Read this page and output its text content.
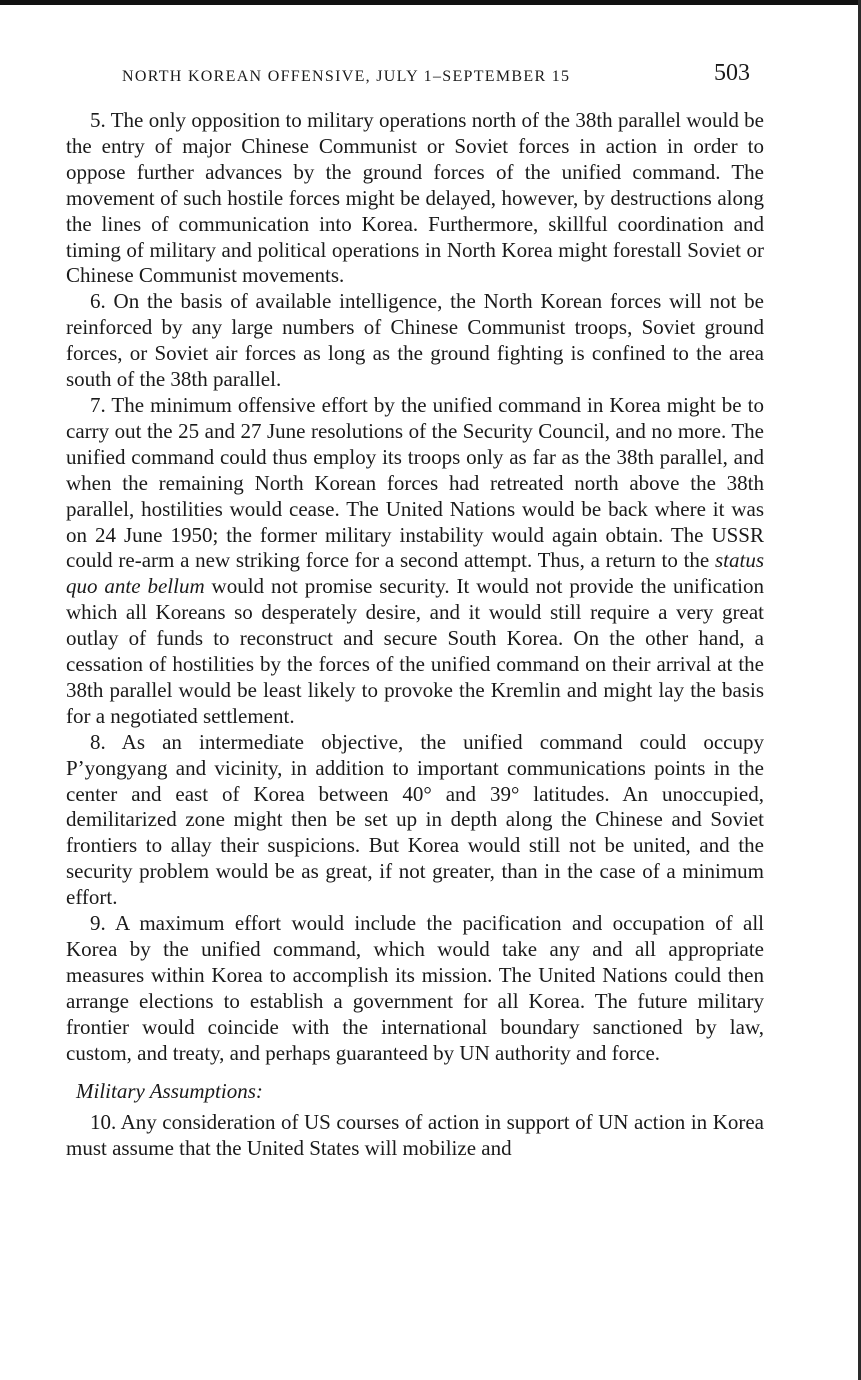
NORTH KOREAN OFFENSIVE, JULY 1–SEPTEMBER 15	503

5. The only opposition to military operations north of the 38th parallel would be the entry of major Chinese Communist or Soviet forces in action in order to oppose further advances by the ground forces of the unified command. The movement of such hostile forces might be delayed, however, by destructions along the lines of communication into Korea. Furthermore, skillful coordination and timing of military and political operations in North Korea might forestall Soviet or Chinese Communist movements.

6. On the basis of available intelligence, the North Korean forces will not be reinforced by any large numbers of Chinese Communist troops, Soviet ground forces, or Soviet air forces as long as the ground fighting is confined to the area south of the 38th parallel.

7. The minimum offensive effort by the unified command in Korea might be to carry out the 25 and 27 June resolutions of the Security Council, and no more. The unified command could thus employ its troops only as far as the 38th parallel, and when the remaining North Korean forces had retreated north above the 38th parallel, hostilities would cease. The United Nations would be back where it was on 24 June 1950; the former military instability would again obtain. The USSR could re-arm a new striking force for a second attempt. Thus, a return to the status quo ante bellum would not promise security. It would not provide the unification which all Koreans so desperately desire, and it would still require a very great outlay of funds to reconstruct and secure South Korea. On the other hand, a cessation of hostilities by the forces of the unified command on their arrival at the 38th parallel would be least likely to provoke the Kremlin and might lay the basis for a negotiated settlement.

8. As an intermediate objective, the unified command could occupy P’yongyang and vicinity, in addition to important communications points in the center and east of Korea between 40° and 39° latitudes. An unoccupied, demilitarized zone might then be set up in depth along the Chinese and Soviet frontiers to allay their suspicions. But Korea would still not be united, and the security problem would be as great, if not greater, than in the case of a minimum effort.

9. A maximum effort would include the pacification and occupation of all Korea by the unified command, which would take any and all appropriate measures within Korea to accomplish its mission. The United Nations could then arrange elections to establish a government for all Korea. The future military frontier would coincide with the international boundary sanctioned by law, custom, and treaty, and perhaps guaranteed by UN authority and force.

Military Assumptions:

10. Any consideration of US courses of action in support of UN action in Korea must assume that the United States will mobilize and
